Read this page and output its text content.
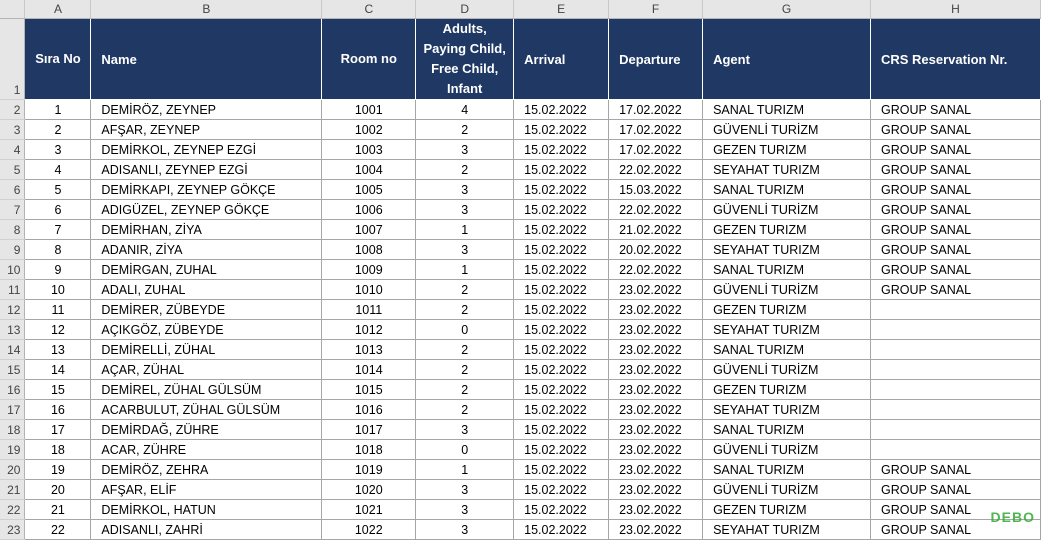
	A	B	C	D	E	F	G	H
1	Sıra No	Name	Room no	Adults, Paying Child, Free Child, Infant	Arrival	Departure	Agent	CRS Reservation Nr.
2	1	DEMİRÖZ, ZEYNEP	1001	4	15.02.2022	17.02.2022	SANAL TURIZM	GROUP SANAL
3	2	AFŞAR, ZEYNEP	1002	2	15.02.2022	17.02.2022	GÜVENLİ TURİZM	GROUP SANAL
4	3	DEMİRKOL, ZEYNEP EZGİ	1003	3	15.02.2022	17.02.2022	GEZEN TURIZM	GROUP SANAL
5	4	ADISANLI, ZEYNEP EZGİ	1004	2	15.02.2022	22.02.2022	SEYAHAT TURIZM	GROUP SANAL
6	5	DEMİRKAPI, ZEYNEP GÖKÇE	1005	3	15.02.2022	15.03.2022	SANAL TURIZM	GROUP SANAL
7	6	ADIGÜZEL, ZEYNEP GÖKÇE	1006	3	15.02.2022	22.02.2022	GÜVENLİ TURİZM	GROUP SANAL
8	7	DEMİRHAN, ZİYA	1007	1	15.02.2022	21.02.2022	GEZEN TURIZM	GROUP SANAL
9	8	ADANIR, ZİYA	1008	3	15.02.2022	20.02.2022	SEYAHAT TURIZM	GROUP SANAL
10	9	DEMİRGAN, ZUHAL	1009	1	15.02.2022	22.02.2022	SANAL TURIZM	GROUP SANAL
11	10	ADALI, ZUHAL	1010	2	15.02.2022	23.02.2022	GÜVENLİ TURİZM	GROUP SANAL
12	11	DEMİRER, ZÜBEYDE	1011	2	15.02.2022	23.02.2022	GEZEN TURIZM	
13	12	AÇIKGÖZ, ZÜBEYDE	1012	0	15.02.2022	23.02.2022	SEYAHAT TURIZM	
14	13	DEMİRELLİ, ZÜHAL	1013	2	15.02.2022	23.02.2022	SANAL TURIZM	
15	14	AÇAR, ZÜHAL	1014	2	15.02.2022	23.02.2022	GÜVENLİ TURİZM	
16	15	DEMİREL, ZÜHAL GÜLSÜM	1015	2	15.02.2022	23.02.2022	GEZEN TURIZM	
17	16	ACARBULUT, ZÜHAL GÜLSÜM	1016	2	15.02.2022	23.02.2022	SEYAHAT TURIZM	
18	17	DEMİRDAĞ, ZÜHRE	1017	3	15.02.2022	23.02.2022	SANAL TURIZM	
19	18	ACAR, ZÜHRE	1018	0	15.02.2022	23.02.2022	GÜVENLİ TURİZM	
20	19	DEMİRÖZ, ZEHRA	1019	1	15.02.2022	23.02.2022	SANAL TURIZM	GROUP SANAL
21	20	AFŞAR, ELİF	1020	3	15.02.2022	23.02.2022	GÜVENLİ TURİZM	GROUP SANAL
22	21	DEMİRKOL, HATUN	1021	3	15.02.2022	23.02.2022	GEZEN TURIZM	GROUP SANAL
23	22	ADISANLI, ZAHRİ	1022	3	15.02.2022	23.02.2022	SEYAHAT TURIZM	GROUP SANAL
DEBO
